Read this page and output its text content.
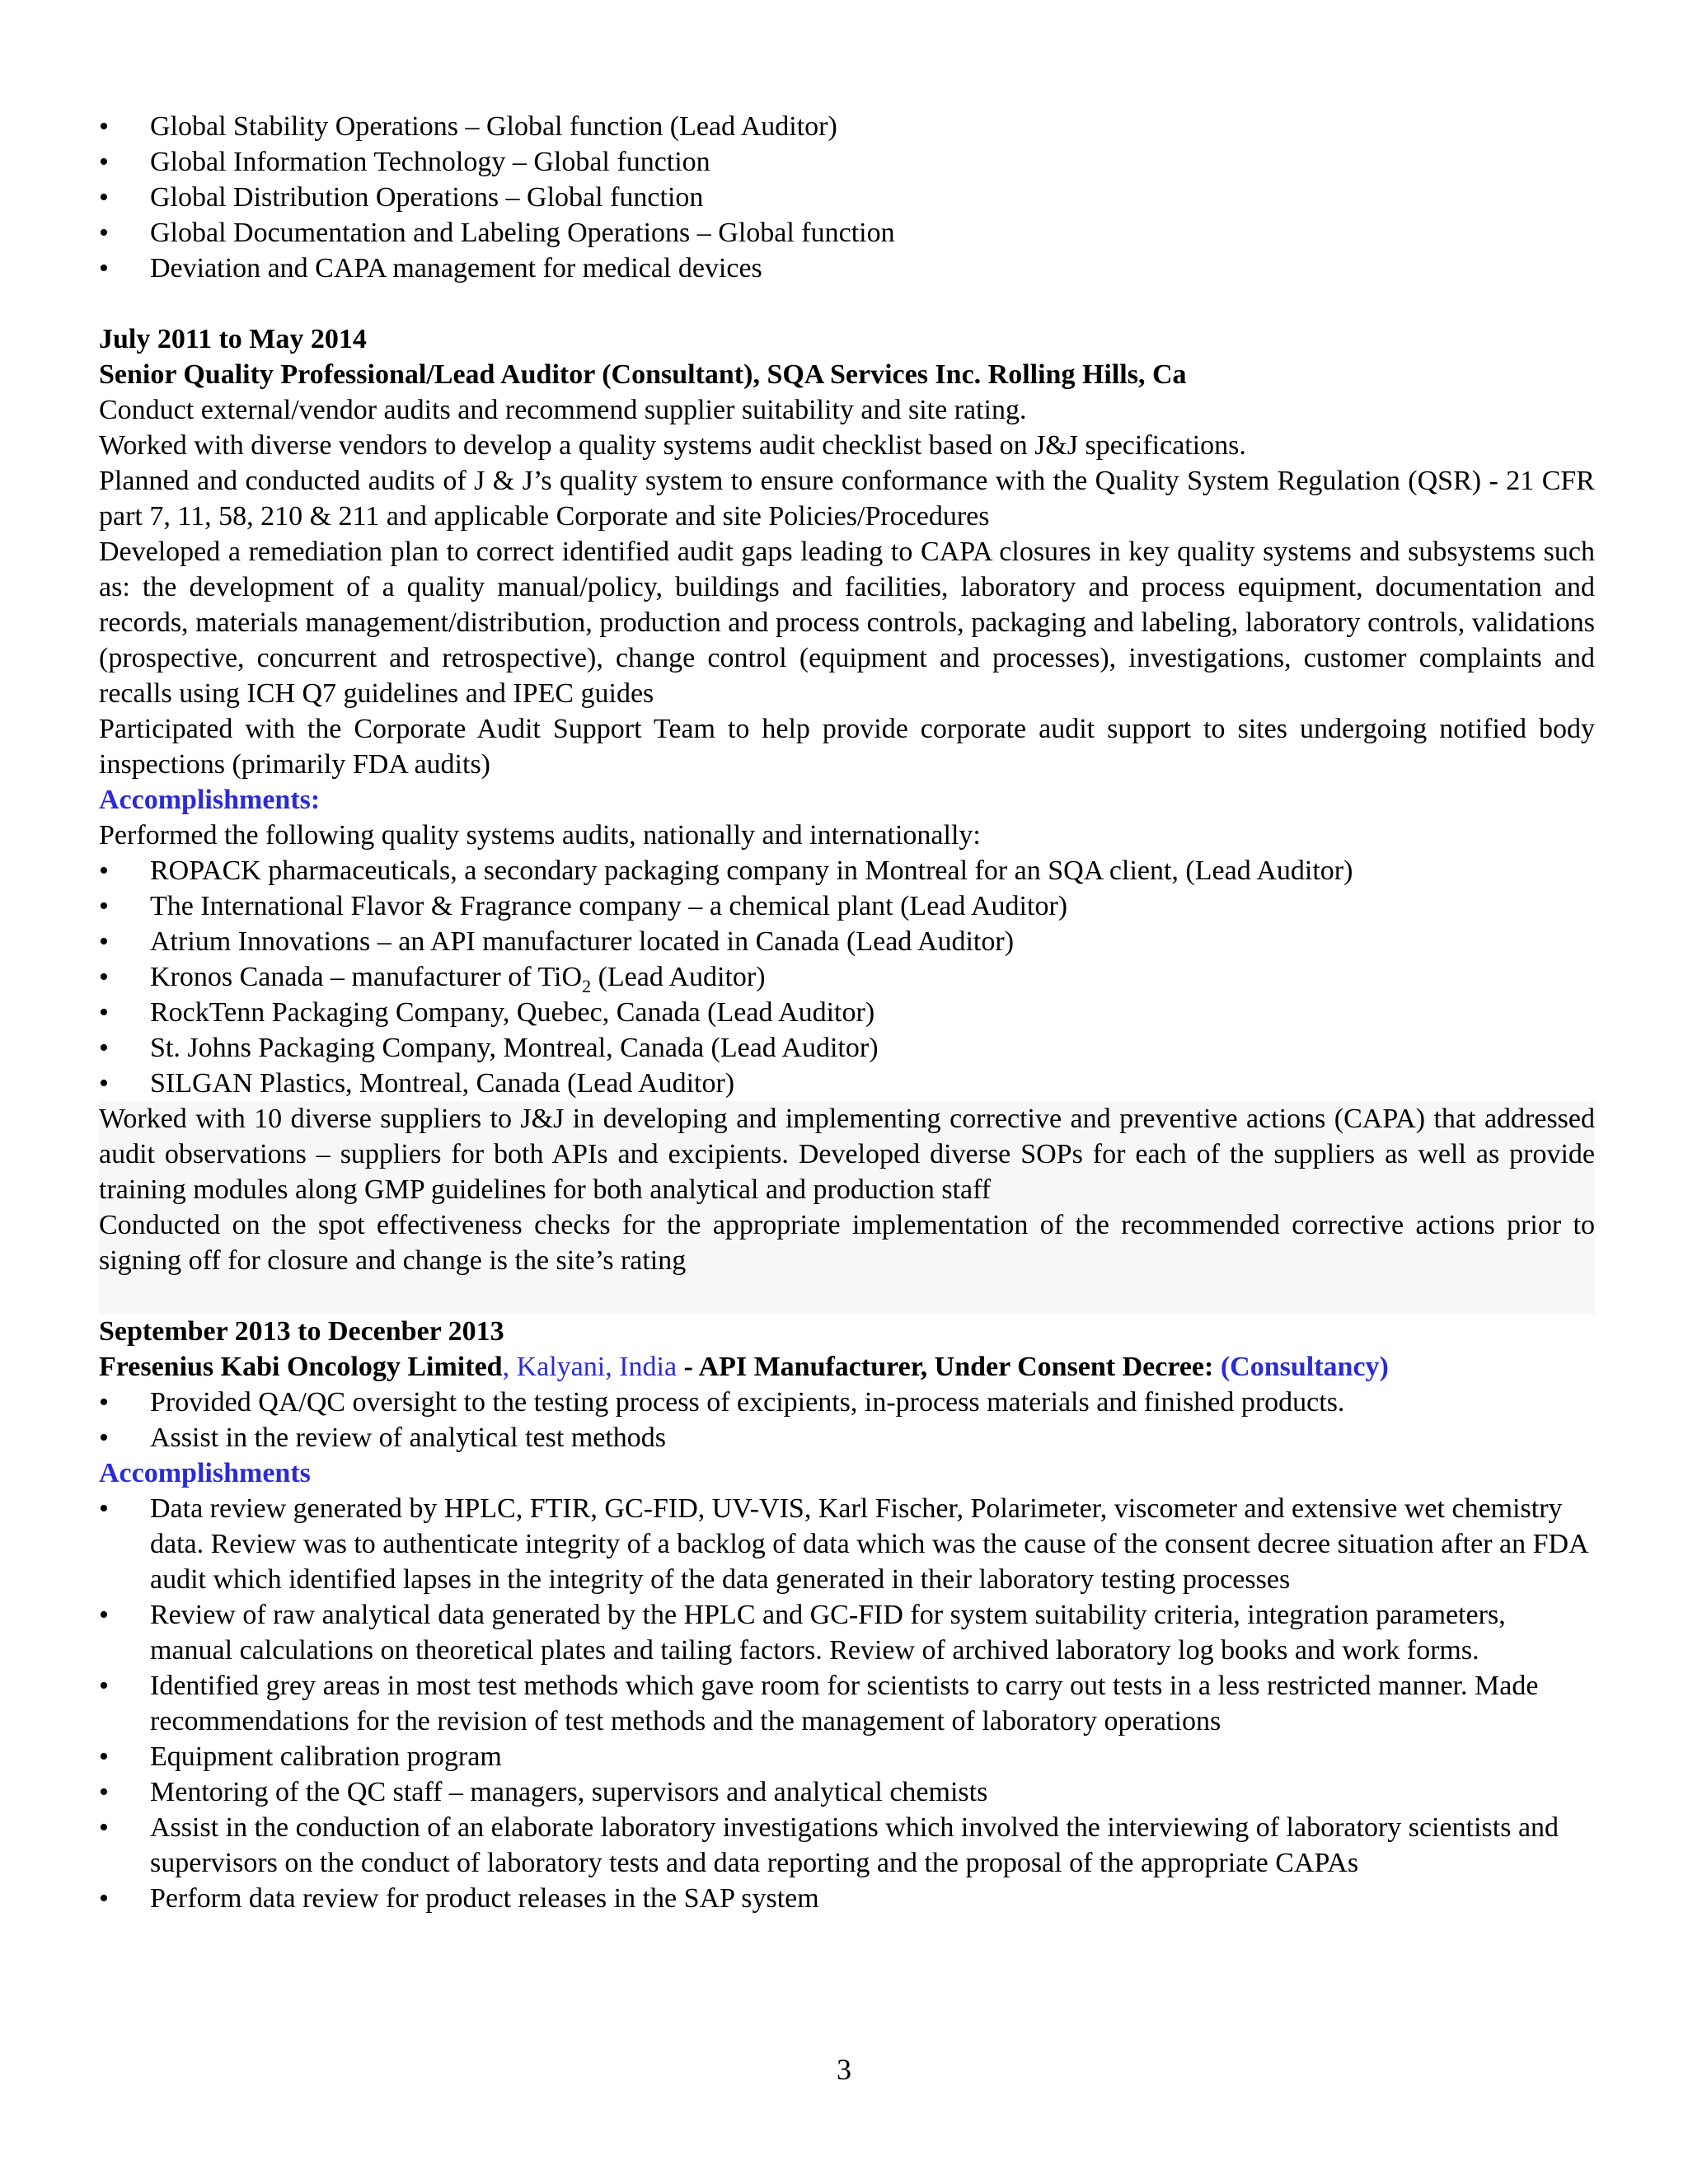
• Global Stability Operations – Global function (Lead Auditor)
• Global Information Technology – Global function
• Global Distribution Operations – Global function
• Global Documentation and Labeling Operations – Global function
• Deviation and CAPA management for medical devices

July 2011 to May 2014

Senior Quality Professional/Lead Auditor (Consultant), SQA Services Inc. Rolling Hills, Ca

Conduct external/vendor audits and recommend supplier suitability and site rating.

Worked with diverse vendors to develop a quality systems audit checklist based on J&J specifications.

Planned and conducted audits of J & J’s quality system to ensure conformance with the Quality System Regulation (QSR) - 21 CFR part 7, 11, 58, 210 & 211 and applicable Corporate and site Policies/Procedures

Developed a remediation plan to correct identified audit gaps leading to CAPA closures in key quality systems and subsystems such as: the development of a quality manual/policy, buildings and facilities, laboratory and process equipment, documentation and records, materials management/distribution, production and process controls, packaging and labeling, laboratory controls, validations (prospective, concurrent and retrospective), change control (equipment and processes), investigations, customer complaints and recalls using ICH Q7 guidelines and IPEC guides

Participated with the Corporate Audit Support Team to help provide corporate audit support to sites undergoing notified body inspections (primarily FDA audits)

Accomplishments:

Performed the following quality systems audits, nationally and internationally:

• ROPACK pharmaceuticals, a secondary packaging company in Montreal for an SQA client, (Lead Auditor)
• The International Flavor & Fragrance company – a chemical plant (Lead Auditor)
• Atrium Innovations – an API manufacturer located in Canada (Lead Auditor)
• Kronos Canada – manufacturer of TiO$_2$ (Lead Auditor)
• RockTenn Packaging Company, Quebec, Canada (Lead Auditor)
• St. Johns Packaging Company, Montreal, Canada (Lead Auditor)
• SILGAN Plastics, Montreal, Canada (Lead Auditor)

Worked with 10 diverse suppliers to J&J in developing and implementing corrective and preventive actions (CAPA) that addressed audit observations – suppliers for both APIs and excipients. Developed diverse SOPs for each of the suppliers as well as provide training modules along GMP guidelines for both analytical and production staff

Conducted on the spot effectiveness checks for the appropriate implementation of the recommended corrective actions prior to signing off for closure and change is the site’s rating

September 2013 to Decenber 2013

Fresenius Kabi Oncology Limited, Kalyani, India - API Manufacturer, Under Consent Decree: (Consultancy)

• Provided QA/QC oversight to the testing process of excipients, in-process materials and finished products.
• Assist in the review of analytical test methods

Accomplishments

• Data review generated by HPLC, FTIR, GC-FID, UV-VIS, Karl Fischer, Polarimeter, viscometer and extensive wet chemistry data. Review was to authenticate integrity of a backlog of data which was the cause of the consent decree situation after an FDA audit which identified lapses in the integrity of the data generated in their laboratory testing processes
• Review of raw analytical data generated by the HPLC and GC-FID for system suitability criteria, integration parameters, manual calculations on theoretical plates and tailing factors. Review of archived laboratory log books and work forms.
• Identified grey areas in most test methods which gave room for scientists to carry out tests in a less restricted manner. Made recommendations for the revision of test methods and the management of laboratory operations
• Equipment calibration program
• Mentoring of the QC staff – managers, supervisors and analytical chemists
• Assist in the conduction of an elaborate laboratory investigations which involved the interviewing of laboratory scientists and supervisors on the conduct of laboratory tests and data reporting and the proposal of the appropriate CAPAs
• Perform data review for product releases in the SAP system
3
